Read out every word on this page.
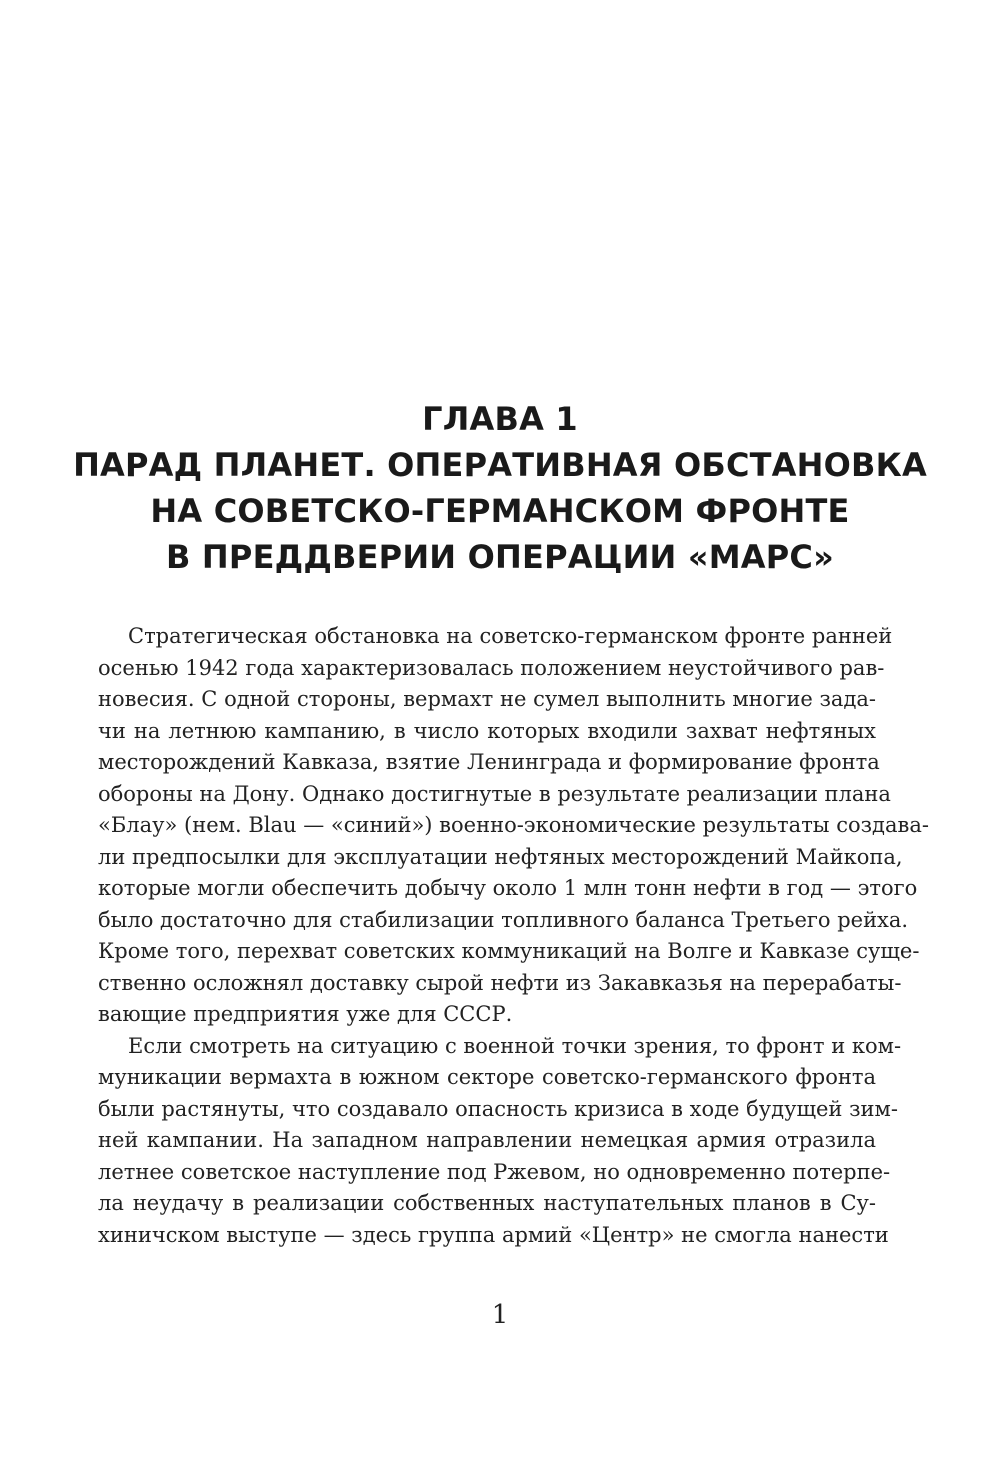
ГЛАВА 1
ПАРАД ПЛАНЕТ. ОПЕРАТИВНАЯ ОБСТАНОВКА
НА СОВЕТСКО-ГЕРМАНСКОМ ФРОНТЕ
В ПРЕДДВЕРИИ ОПЕРАЦИИ «МАРС»
Стратегическая обстановка на советско-германском фронте ранней
осенью 1942 года характеризовалась положением неустойчивого рав-
новесия. С одной стороны, вермахт не сумел выполнить многие зада-
чи на летнюю кампанию, в число которых входили захват нефтяных
месторождений Кавказа, взятие Ленинграда и формирование фронта
обороны на Дону. Однако достигнутые в результате реализации плана
«Блау» (нем. Blau — «синий») военно-экономические результаты создава-
ли предпосылки для эксплуатации нефтяных месторождений Майкопа,
которые могли обеспечить добычу около 1 млн тонн нефти в год — этого
было достаточно для стабилизации топливного баланса Третьего рейха.
Кроме того, перехват советских коммуникаций на Волге и Кавказе суще-
ственно осложнял доставку сырой нефти из Закавказья на перерабаты-
вающие предприятия уже для СССР.
Если смотреть на ситуацию с военной точки зрения, то фронт и ком-
муникации вермахта в южном секторе советско-германского фронта
были растянуты, что создавало опасность кризиса в ходе будущей зим-
ней кампании. На западном направлении немецкая армия отразила
летнее советское наступление под Ржевом, но одновременно потерпе-
ла неудачу в реализации собственных наступательных планов в Су-
хиничском выступе — здесь группа армий «Центр» не смогла нанести
1
